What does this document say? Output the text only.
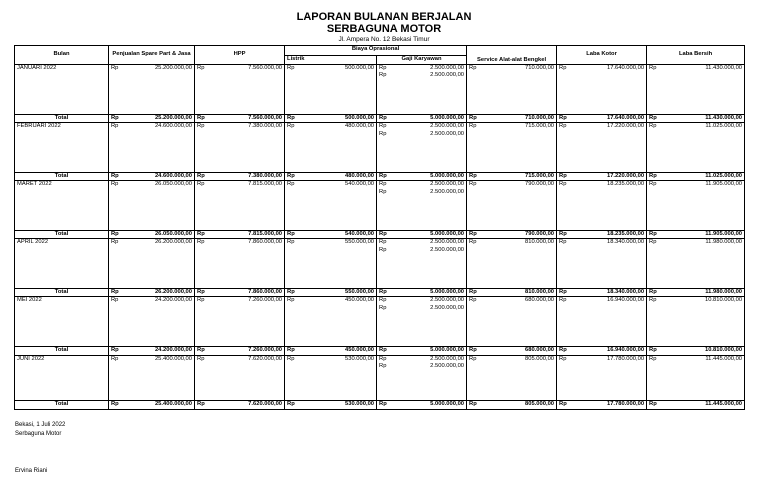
LAPORAN BULANAN BERJALAN
SERBAGUNA MOTOR
Jl. Ampera No. 12 Bekasi Timur
Bulan	Penjualan Spare Part & Jasa		HPP		Biaya Oprasional				Service Alat-alat Bengkel		Laba Kotor		Laba Bersih	
					Listrik		Gaji Karyawan							
JANUARI 2022	Rp	25.200.000,00	Rp	7.560.000,00	Rp	500.000,00	Rp	2.500.000,00	Rp	710.000,00	Rp	17.640.000,00	Rp	11.430.000,00
							Rp	2.500.000,00						

Total	Rp	25.200.000,00	Rp	7.560.000,00	Rp	500.000,00	Rp	5.000.000,00	Rp	710.000,00	Rp	17.640.000,00	Rp	11.430.000,00
FEBRUARI 2022	Rp	24.600.000,00	Rp	7.380.000,00	Rp	480.000,00	Rp	2.500.000,00	Rp	715.000,00	Rp	17.220.000,00	Rp	11.025.000,00
							Rp	2.500.000,00						

Total	Rp	24.600.000,00	Rp	7.380.000,00	Rp	480.000,00	Rp	5.000.000,00	Rp	715.000,00	Rp	17.220.000,00	Rp	11.025.000,00
MARET 2022	Rp	26.050.000,00	Rp	7.815.000,00	Rp	540.000,00	Rp	2.500.000,00	Rp	790.000,00	Rp	18.235.000,00	Rp	11.905.000,00
							Rp	2.500.000,00						

Total	Rp	26.050.000,00	Rp	7.815.000,00	Rp	540.000,00	Rp	5.000.000,00	Rp	790.000,00	Rp	18.235.000,00	Rp	11.905.000,00
APRIL 2022	Rp	26.200.000,00	Rp	7.860.000,00	Rp	550.000,00	Rp	2.500.000,00	Rp	810.000,00	Rp	18.340.000,00	Rp	11.980.000,00
							Rp	2.500.000,00						

Total	Rp	26.200.000,00	Rp	7.860.000,00	Rp	550.000,00	Rp	5.000.000,00	Rp	810.000,00	Rp	18.340.000,00	Rp	11.980.000,00
MEI 2022	Rp	24.200.000,00	Rp	7.260.000,00	Rp	450.000,00	Rp	2.500.000,00	Rp	680.000,00	Rp	16.940.000,00	Rp	10.810.000,00
							Rp	2.500.000,00						

Total	Rp	24.200.000,00	Rp	7.260.000,00	Rp	450.000,00	Rp	5.000.000,00	Rp	680.000,00	Rp	16.940.000,00	Rp	10.810.000,00
JUNI 2022	Rp	25.400.000,00	Rp	7.620.000,00	Rp	530.000,00	Rp	2.500.000,00	Rp	805.000,00	Rp	17.780.000,00	Rp	11.445.000,00
							Rp	2.500.000,00						

Total	Rp	25.400.000,00	Rp	7.620.000,00	Rp	530.000,00	Rp	5.000.000,00	Rp	805.000,00	Rp	17.780.000,00	Rp	11.445.000,00
Bekasi, 1 Juli 2022
Serbaguna Motor
Ervina Riani
